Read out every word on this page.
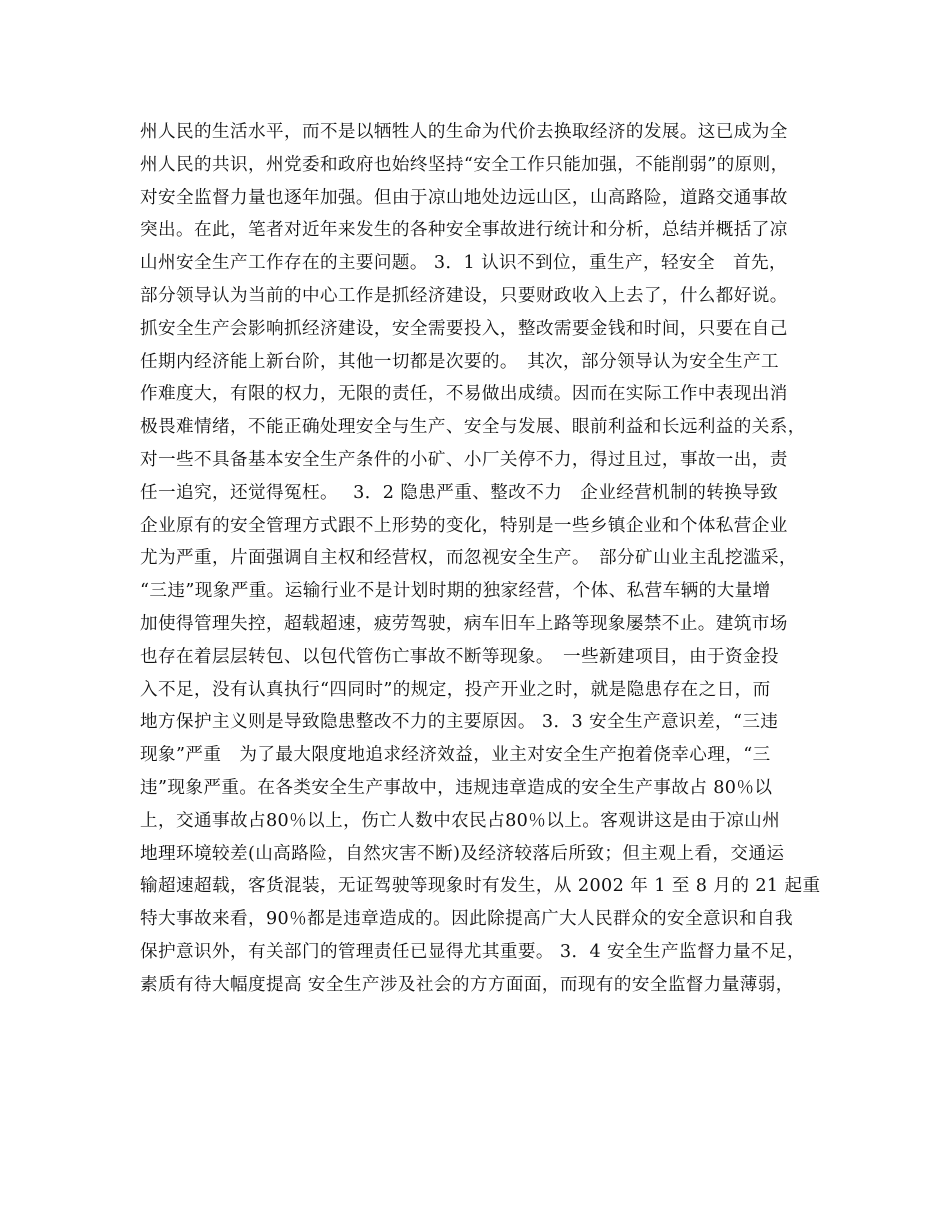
州人民的生活水平，而不是以牺牲人的生命为代价去换取经济的发展。这已成为全
州人民的共识，州党委和政府也始终坚持“安全工作只能加强，不能削弱”的原则，
对安全监督力量也逐年加强。但由于凉山地处边远山区，山高路险，道路交通事故
突出。在此，笔者对近年来发生的各种安全事故进行统计和分析，总结并概括了凉
山州安全生产工作存在的主要问题。 3．1 认识不到位，重生产，轻安全　首先，
部分领导认为当前的中心工作是抓经济建设，只要财政收入上去了，什么都好说。
抓安全生产会影响抓经济建设，安全需要投入，整改需要金钱和时间，只要在自己
任期内经济能上新台阶，其他一切都是次要的。　其次，部分领导认为安全生产工
作难度大，有限的权力，无限的责任，不易做出成绩。因而在实际工作中表现出消
极畏难情绪，不能正确处理安全与生产、安全与发展、眼前利益和长远利益的关系，
对一些不具备基本安全生产条件的小矿、小厂关停不力，得过且过，事故一出，责
任一追究，还觉得冤枉。　 3．2 隐患严重、整改不力　企业经营机制的转换导致
企业原有的安全管理方式跟不上形势的变化，特别是一些乡镇企业和个体私营企业
尤为严重，片面强调自主权和经营权，而忽视安全生产。　部分矿山业主乱挖滥采，
“三违”现象严重。运输行业不是计划时期的独家经营，个体、私营车辆的大量增
加使得管理失控，超载超速，疲劳驾驶，病车旧车上路等现象屡禁不止。建筑市场
也存在着层层转包、以包代管伤亡事故不断等现象。　一些新建项目，由于资金投
入不足，没有认真执行“四同时”的规定，投产开业之时，就是隐患存在之日，而
地方保护主义则是导致隐患整改不力的主要原因。 3．3 安全生产意识差，“三违
现象”严重　为了最大限度地追求经济效益，业主对安全生产抱着侥幸心理，“三
违”现象严重。在各类安全生产事故中，违规违章造成的安全生产事故占 80％以
上，交通事故占80％以上，伤亡人数中农民占80％以上。客观讲这是由于凉山州
地理环境较差(山高路险，自然灾害不断)及经济较落后所致；但主观上看，交通运
输超速超载，客货混装，无证驾驶等现象时有发生，从 2002 年 1 至 8 月的 21 起重
特大事故来看，90％都是违章造成的。因此除提高广大人民群众的安全意识和自我
保护意识外，有关部门的管理责任已显得尤其重要。 3．4 安全生产监督力量不足，
素质有待大幅度提高 安全生产涉及社会的方方面面，而现有的安全监督力量薄弱，
